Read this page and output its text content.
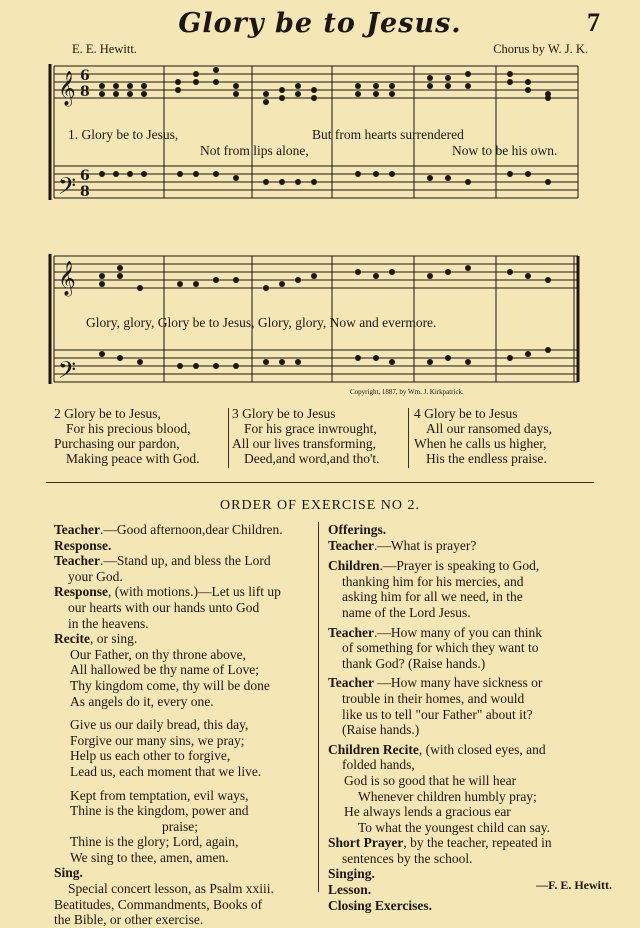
Glory be to Jesus.	7
E. E. Hewitt.	Chorus by W. J. K.
𝄞
𝄢
𝄞
𝄢
6
8
6
8
1. Glory be to Jesus,	But from hearts surrendered
Not from lips alone,	Now to be his own.
Glory, glory, Glory be to Jesus, Glory, glory, Now and evermore.
Copyright, 1887, by Wm. J. Kirkpatrick.
2 Glory be to Jesus,
For his precious blood,
Purchasing our pardon,
Making peace with God.
3 Glory be to Jesus
For his grace inwrought,
All our lives transforming,
Deed,and word,and tho't.
4 Glory be to Jesus
All our ransomed days,
When he calls us higher,
His the endless praise.
ORDER OF EXERCISE NO 2.
Teacher.—Good afternoon,dear Children.
Response.
Teacher.—Stand up, and bless the Lord
your God.
Response, (with motions.)—Let us lift up
our hearts with our hands unto God
in the heavens.
Recite, or sing.
Our Father, on thy throne above,
All hallowed be thy name of Love;
Thy kingdom come, thy will be done
As angels do it, every one.
Give us our daily bread, this day,
Forgive our many sins, we pray;
Help us each other to forgive,
Lead us, each moment that we live.
Kept from temptation, evil ways,
Thine is the kingdom, power and
praise;
Thine is the glory; Lord, again,
We sing to thee, amen, amen.
Sing.
Special concert lesson, as Psalm xxiii.
Beatitudes, Commandments, Books of
the Bible, or other exercise.
Offerings.
Teacher.—What is prayer?
Children.—Prayer is speaking to God,
thanking him for his mercies, and
asking him for all we need, in the
name of the Lord Jesus.
Teacher.—How many of you can think
of something for which they want to
thank God? (Raise hands.)
Teacher —How many have sickness or
trouble in their homes, and would
like us to tell "our Father" about it?
(Raise hands.)
Children Recite, (with closed eyes, and
folded hands,
God is so good that he will hear
Whenever children humbly pray;
He always lends a gracious ear
To what the youngest child can say.
Short Prayer, by the teacher, repeated in
sentences by the school.
Singing.
Lesson.
Closing Exercises.
—F. E. Hewitt.
